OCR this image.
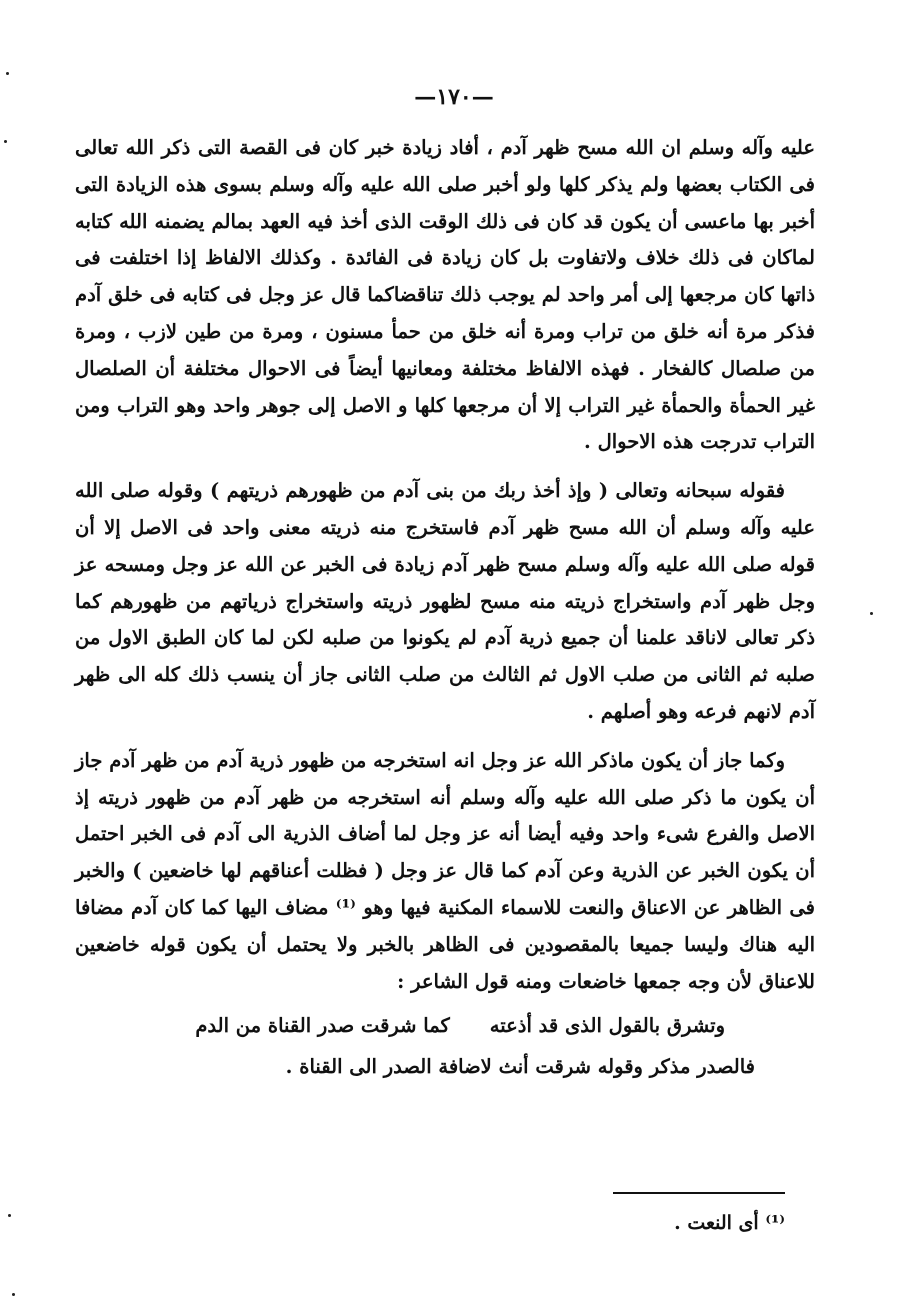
—١٧٠—

عليه وآله وسلم ان الله مسح ظهر آدم ، أفاد زيادة خبر كان فى القصة التى ذكر الله تعالى فى الكتاب بعضها ولم يذكر كلها ولو أخبر صلى الله عليه وآله وسلم بسوى هذه الزيادة التى أخبر بها ماعسى أن يكون قد كان فى ذلك الوقت الذى أخذ فيه العهد بمالم يضمنه الله كتابه لماكان فى ذلك خلاف ولاتفاوت بل كان زيادة فى الفائدة . وكذلك الالفاظ إذا اختلفت فى ذاتها كان مرجعها إلى أمر واحد لم يوجب ذلك تناقضاكما قال عز وجل فى كتابه فى خلق آدم فذكر مرة أنه خلق من تراب ومرة أنه خلق من حمأ مسنون ، ومرة من طين لازب ، ومرة من صلصال كالفخار . فهذه الالفاظ مختلفة ومعانيها أيضاً فى الاحوال مختلفة أن الصلصال غير الحمأة والحمأة غير التراب إلا أن مرجعها كلها و الاصل إلى جوهر واحد وهو التراب ومن التراب تدرجت هذه الاحوال .

فقوله سبحانه وتعالى ( وإذ أخذ ربك من بنى آدم من ظهورهم ذريتهم ) وقوله صلى الله عليه وآله وسلم أن الله مسح ظهر آدم فاستخرج منه ذريته معنى واحد فى الاصل إلا أن قوله صلى الله عليه وآله وسلم مسح ظهر آدم زيادة فى الخبر عن الله عز وجل ومسحه عز وجل ظهر آدم واستخراج ذريته منه مسح لظهور ذريته واستخراج ذرياتهم من ظهورهم كما ذكر تعالى لاناقد علمنا أن جميع ذرية آدم لم يكونوا من صلبه لكن لما كان الطبق الاول من صلبه ثم الثانى من صلب الاول ثم الثالث من صلب الثانى جاز أن ينسب ذلك كله الى ظهر آدم لانهم فرعه وهو أصلهم .

وكما جاز أن يكون ماذكر الله عز وجل انه استخرجه من ظهور ذرية آدم من ظهر آدم جاز أن يكون ما ذكر صلى الله عليه وآله وسلم أنه استخرجه من ظهر آدم من ظهور ذريته إذ الاصل والفرع شىء واحد وفيه أيضا أنه عز وجل لما أضاف الذرية الى آدم فى الخبر احتمل أن يكون الخبر عن الذرية وعن آدم كما قال عز وجل ( فظلت أعناقهم لها خاضعين ) والخبر فى الظاهر عن الاعناق والنعت للاسماء المكنية فيها وهو ⁽¹⁾ مضاف اليها كما كان آدم مضافا اليه هناك وليسا جميعا بالمقصودين فى الظاهر بالخبر ولا يحتمل أن يكون قوله خاضعين للاعناق لأن وجه جمعها خاضعات ومنه قول الشاعر :

وتشرق بالقول الذى قد أذعته
كما شرقت صدر القناة من الدم

فالصدر مذكر وقوله شرقت أنث لاضافة الصدر الى القناة .

⁽¹⁾ أى النعت .
